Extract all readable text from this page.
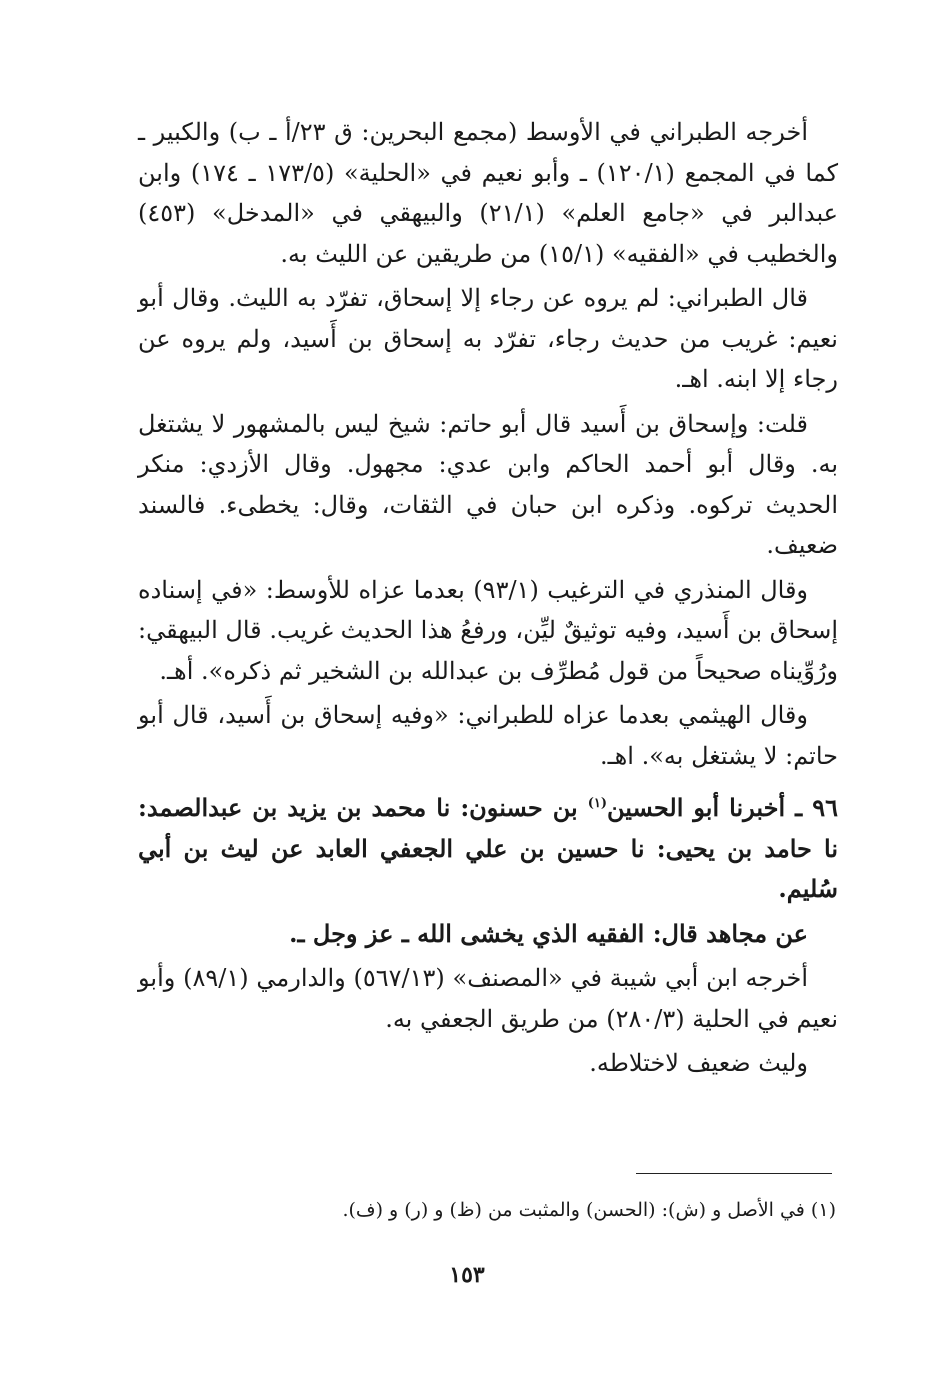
أخرجه الطبراني في الأوسط (مجمع البحرين: ق ٢٣/أ ـ ب) والكبير ـ كما في المجمع (١٢٠/١) ـ وأبو نعيم في «الحلية» (١٧٣/٥ ـ ١٧٤) وابن عبدالبر في «جامع العلم» (٢١/١) والبيهقي في «المدخل» (٤٥٣) والخطيب في «الفقيه» (١٥/١) من طريقين عن الليث به.

قال الطبراني: لم يروه عن رجاء إلا إسحاق، تفرّد به الليث. وقال أبو نعيم: غريب من حديث رجاء، تفرّد به إسحاق بن أَسيد، ولم يروه عن رجاء إلا ابنه. اهـ.

قلت: وإسحاق بن أَسيد قال أبو حاتم: شيخ ليس بالمشهور لا يشتغل به. وقال أبو أحمد الحاكم وابن عدي: مجهول. وقال الأزدي: منكر الحديث تركوه. وذكره ابن حبان في الثقات، وقال: يخطىء. فالسند ضعيف.

وقال المنذري في الترغيب (٩٣/١) بعدما عزاه للأوسط: «في إسناده إسحاق بن أَسيد، وفيه توثيقٌ ليِّن، ورفعُ هذا الحديث غريب. قال البيهقي: ورُوِّيناه صحيحاً من قول مُطرِّف بن عبدالله بن الشخير ثم ذكره». أهـ.

وقال الهيثمي بعدما عزاه للطبراني: «وفيه إسحاق بن أَسيد، قال أبو حاتم: لا يشتغل به». اهـ.

٩٦ ـ أخبرنا أبو الحسين$^{(١)}$ بن حسنون: نا محمد بن يزيد بن عبدالصمد: نا حامد بن يحيى: نا حسين بن علي الجعفي العابد عن ليث بن أبي سُليم.

عن مجاهد قال: الفقيه الذي يخشى الله ـ عز وجل ـ.

أخرجه ابن أبي شيبة في «المصنف» (٥٦٧/١٣) والدارمي (٨٩/١) وأبو نعيم في الحلية (٢٨٠/٣) من طريق الجعفي به.

وليث ضعيف لاختلاطه.

(١) في الأصل و (ش): (الحسن) والمثبت من (ظ) و (ر) و (ف).
١٥٣
